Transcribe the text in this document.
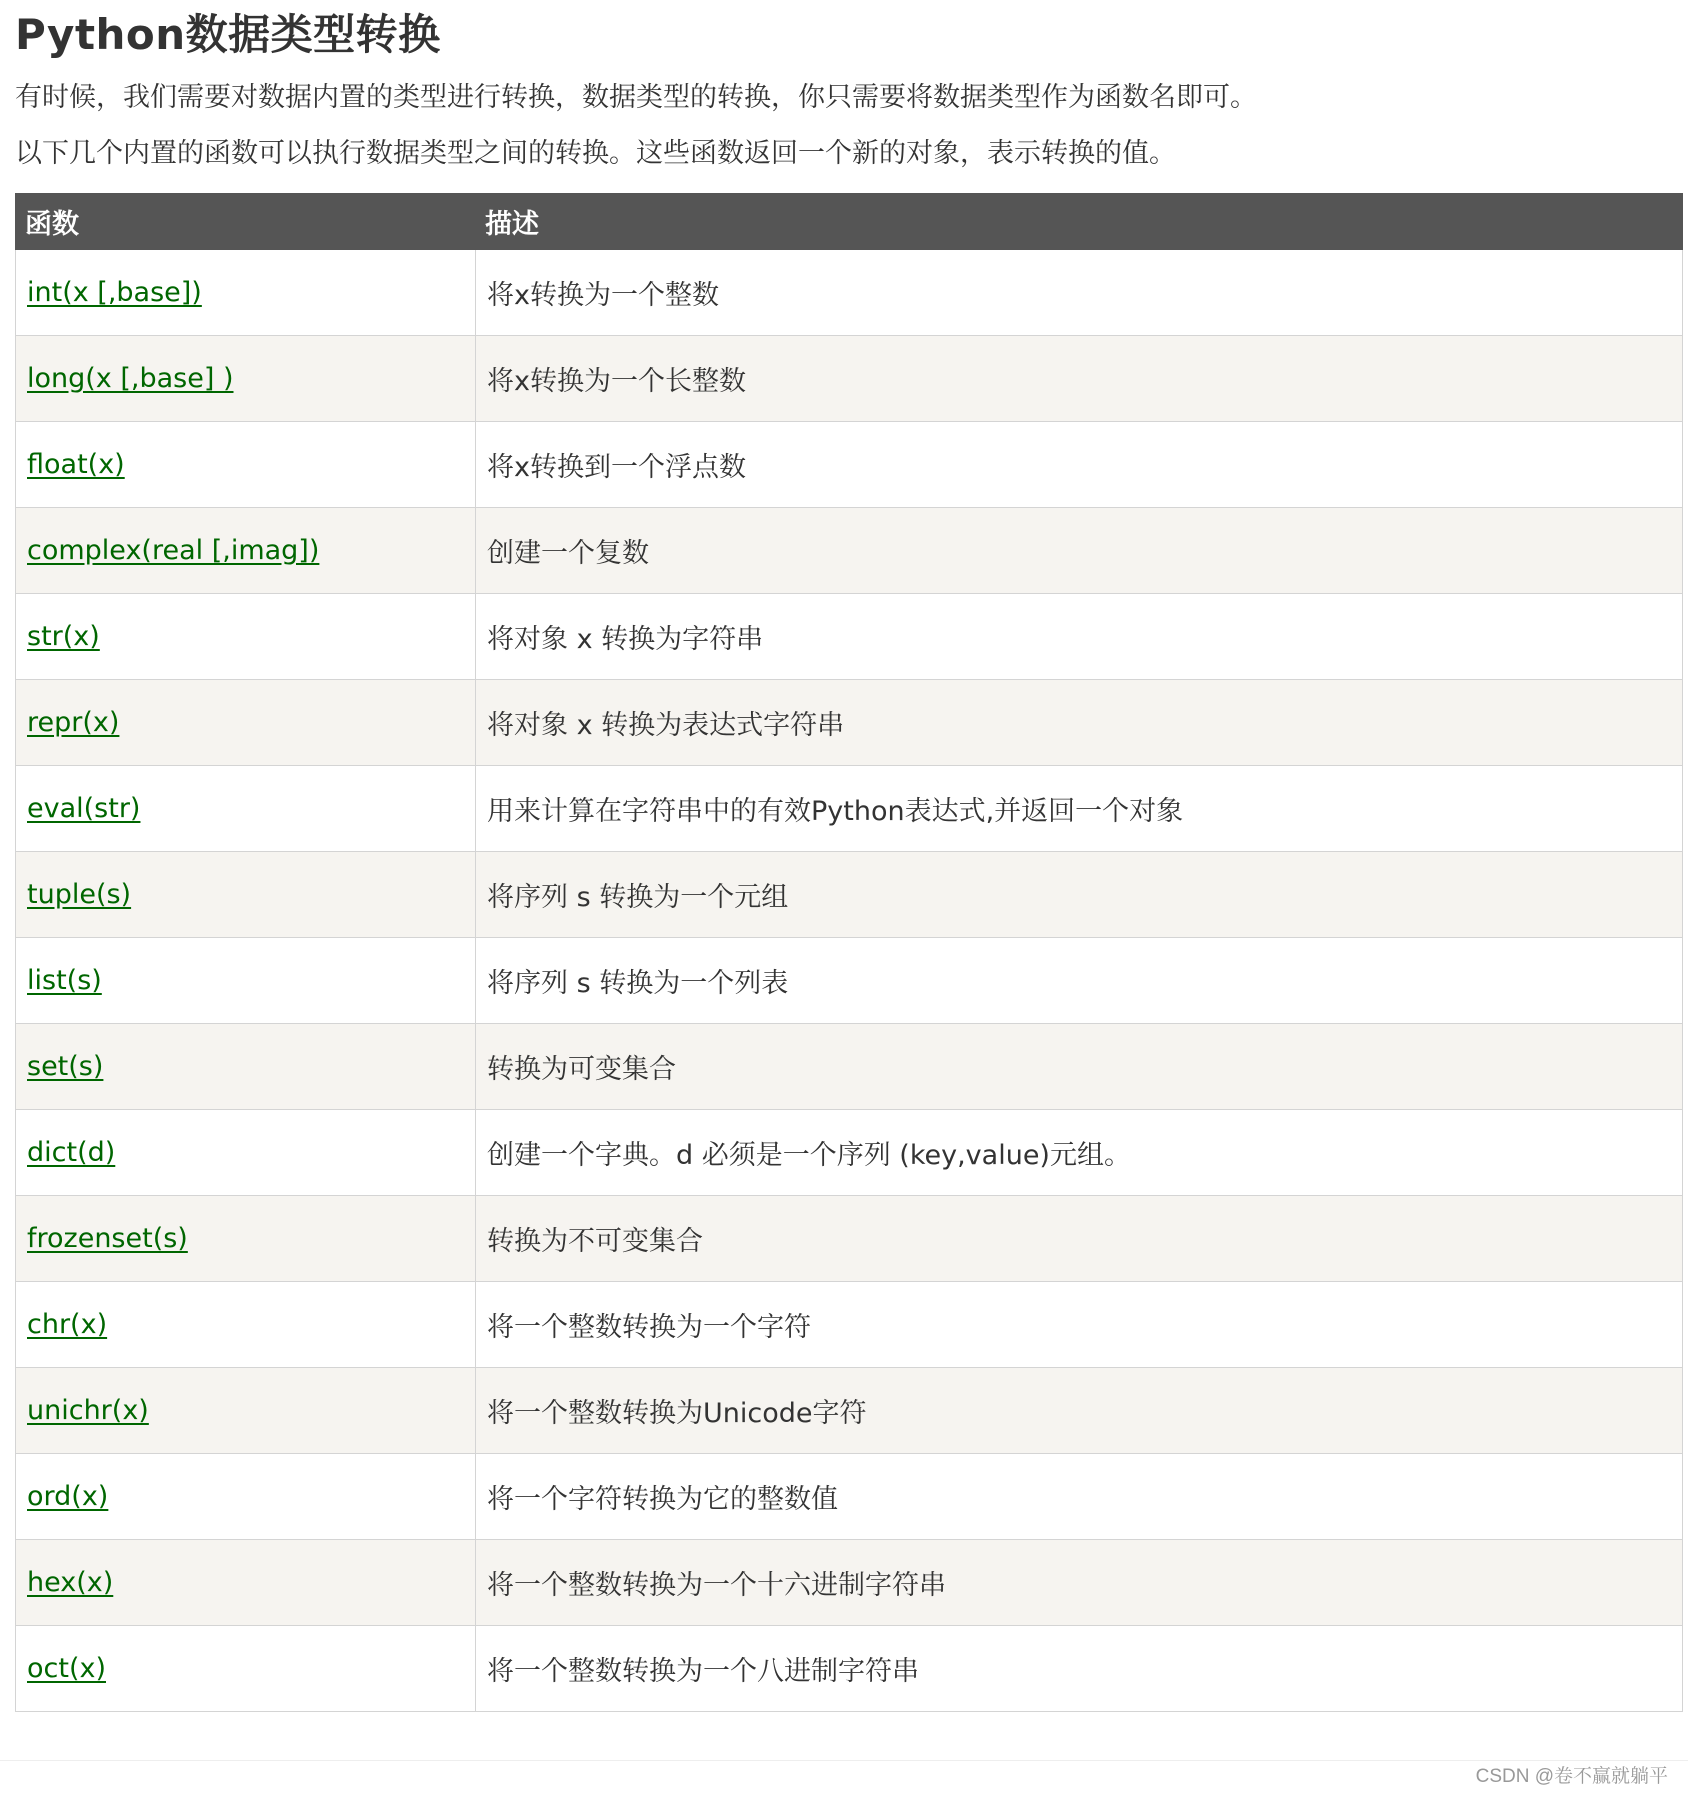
Python数据类型转换

有时候，我们需要对数据内置的类型进行转换，数据类型的转换，你只需要将数据类型作为函数名即可。

以下几个内置的函数可以执行数据类型之间的转换。这些函数返回一个新的对象，表示转换的值。

函数	描述
int(x [,base])	将x转换为一个整数
long(x [,base] )	将x转换为一个长整数
float(x)	将x转换到一个浮点数
complex(real [,imag])	创建一个复数
str(x)	将对象 x 转换为字符串
repr(x)	将对象 x 转换为表达式字符串
eval(str)	用来计算在字符串中的有效Python表达式,并返回一个对象
tuple(s)	将序列 s 转换为一个元组
list(s)	将序列 s 转换为一个列表
set(s)	转换为可变集合
dict(d)	创建一个字典。d 必须是一个序列 (key,value)元组。
frozenset(s)	转换为不可变集合
chr(x)	将一个整数转换为一个字符
unichr(x)	将一个整数转换为Unicode字符
ord(x)	将一个字符转换为它的整数值
hex(x)	将一个整数转换为一个十六进制字符串
oct(x)	将一个整数转换为一个八进制字符串
CSDN @卷不赢就躺平
